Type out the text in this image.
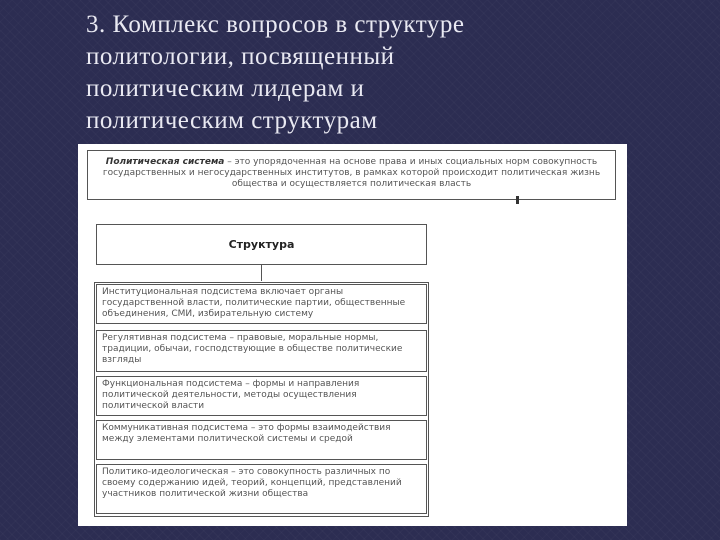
3. Комплекс вопросов в структуре
политологии, посвященный
политическим лидерам и
политическим структурам
Политическая система – это упорядоченная на основе права и иных социальных норм совокупность государственных и негосударственных институтов, в рамках которой происходит политическая жизнь общества и осуществляется политическая власть
Структура
Институциональная подсистема включает органы государственной власти, политические партии, общественные объединения, СМИ, избирательную систему
Регулятивная подсистема – правовые, моральные нормы, традиции, обычаи, господствующие в обществе политические взгляды
Функциональная подсистема – формы и направления политической деятельности, методы осуществления политической власти
Коммуникативная подсистема – это формы взаимодействия между элементами политической системы и средой
Политико-идеологическая – это совокупность различных по своему содержанию идей, теорий, концепций, представлений участников политической жизни общества
